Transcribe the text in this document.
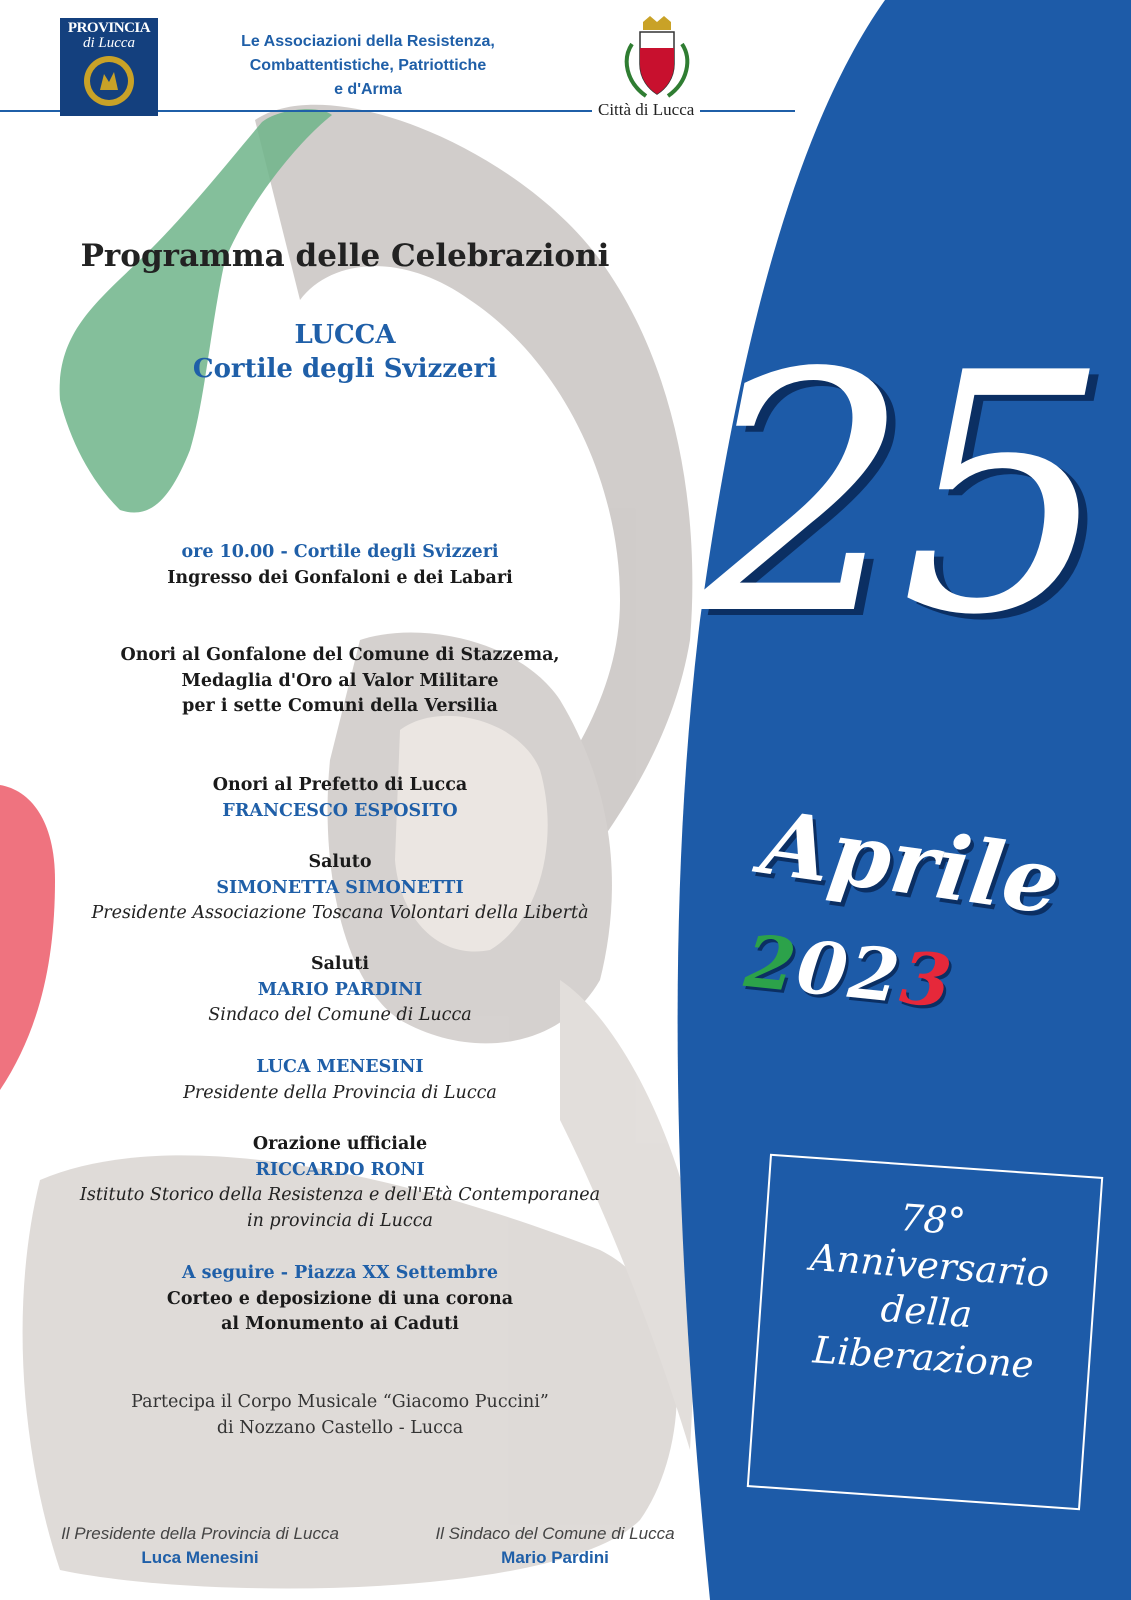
PROVINCIA
di Lucca	Le Associazioni della Resistenza,
Combattentistiche, Patriottiche
e d'Arma
Città di Lucca
Programma delle Celebrazioni
LUCCA
Cortile degli Svizzeri
ore 10.00 - Cortile degli Svizzeri
Ingresso dei Gonfaloni e dei Labari
Onori al Gonfalone del Comune di Stazzema,
Medaglia d'Oro al Valor Militare
per i sette Comuni della Versilia
Onori al Prefetto di Lucca
FRANCESCO ESPOSITO
Saluto
SIMONETTA SIMONETTI
Presidente Associazione Toscana Volontari della Libertà
Saluti
MARIO PARDINI
Sindaco del Comune di Lucca
LUCA MENESINI
Presidente della Provincia di Lucca
Orazione ufficiale
RICCARDO RONI
Istituto Storico della Resistenza e dell'Età Contemporanea
in provincia di Lucca
A seguire - Piazza XX Settembre
Corteo e deposizione di una corona
al Monumento ai Caduti
Partecipa il Corpo Musicale “Giacomo Puccini”
di Nozzano Castello - Lucca
Il Presidente della Provincia di Lucca
Luca Menesini
Il Sindaco del Comune di Lucca
Mario Pardini
25
Aprile
2023
78°
Anniversario
della
Liberazione
